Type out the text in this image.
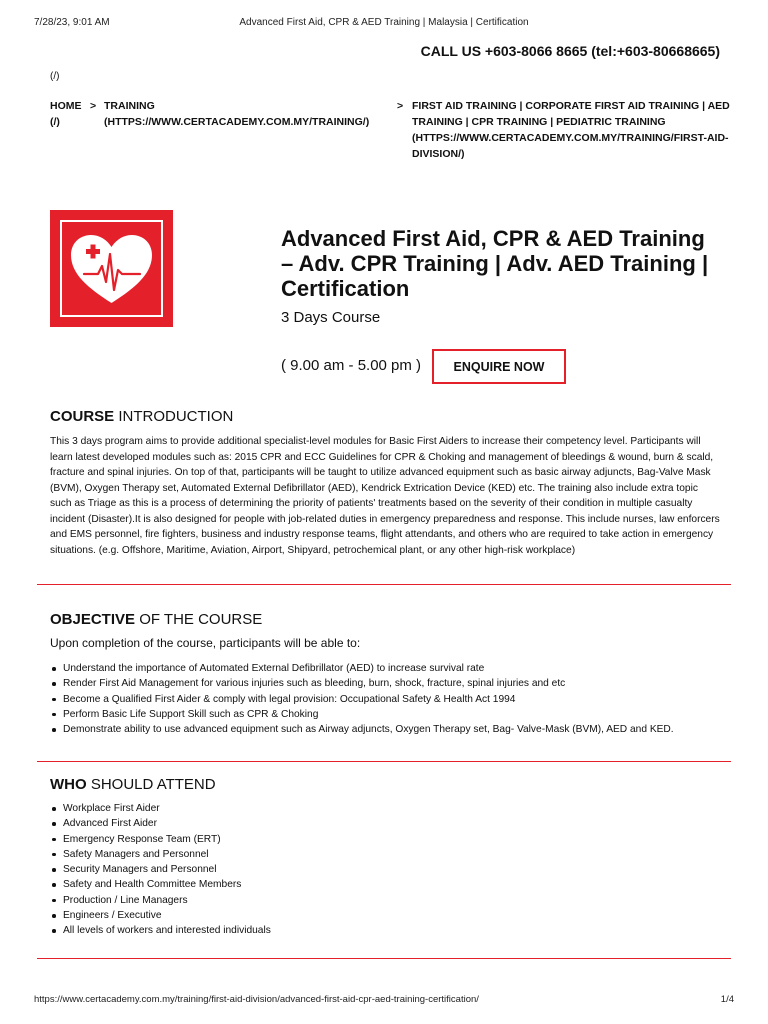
7/28/23, 9:01 AM	Advanced First Aid, CPR & AED Training | Malaysia | Certification
CALL US +603-8066 8665 (tel:+603-80668665)
(/)
HOME (/)
> TRAINING (HTTPS://WWW.CERTACADEMY.COM.MY/TRAINING/)
> FIRST AID TRAINING | CORPORATE FIRST AID TRAINING | AED TRAINING | CPR TRAINING | PEDIATRIC TRAINING (HTTPS://WWW.CERTACADEMY.COM.MY/TRAINING/FIRST-AID-DIVISION/)
Advanced First Aid, CPR & AED Training – Adv. CPR Training | Adv. AED Training | Certification
3 Days Course
( 9.00 am - 5.00 pm )	ENQUIRE NOW
COURSE INTRODUCTION
This 3 days program aims to provide additional specialist-level modules for Basic First Aiders to increase their competency level. Participants will learn latest developed modules such as: 2015 CPR and ECC Guidelines for CPR & Choking and management of bleedings & wound, burn & scald, fracture and spinal injuries. On top of that, participants will be taught to utilize advanced equipment such as basic airway adjuncts, Bag-Valve Mask (BVM), Oxygen Therapy set, Automated External Defibrillator (AED), Kendrick Extrication Device (KED) etc. The training also include extra topic such as Triage as this is a process of determining the priority of patients' treatments based on the severity of their condition in multiple casualty incident (Disaster).It is also designed for people with job-related duties in emergency preparedness and response. This include nurses, law enforcers and EMS personnel, fire fighters, business and industry response teams, flight attendants, and others who are required to take action in emergency situations. (e.g. Offshore, Maritime, Aviation, Airport, Shipyard, petrochemical plant, or any other high-risk workplace)
OBJECTIVE OF THE COURSE
Upon completion of the course, participants will be able to:
Understand the importance of Automated External Defibrillator (AED) to increase survival rate
Render First Aid Management for various injuries such as bleeding, burn, shock, fracture, spinal injuries and etc
Become a Qualified First Aider & comply with legal provision: Occupational Safety & Health Act 1994
Perform Basic Life Support Skill such as CPR & Choking
Demonstrate ability to use advanced equipment such as Airway adjuncts, Oxygen Therapy set, Bag- Valve-Mask (BVM), AED and KED.
WHO SHOULD ATTEND
Workplace First Aider
Advanced First Aider
Emergency Response Team (ERT)
Safety Managers and Personnel
Security Managers and Personnel
Safety and Health Committee Members
Production / Line Managers
Engineers / Executive
All levels of workers and interested individuals
https://www.certacademy.com.my/training/first-aid-division/advanced-first-aid-cpr-aed-training-certification/	1/4
